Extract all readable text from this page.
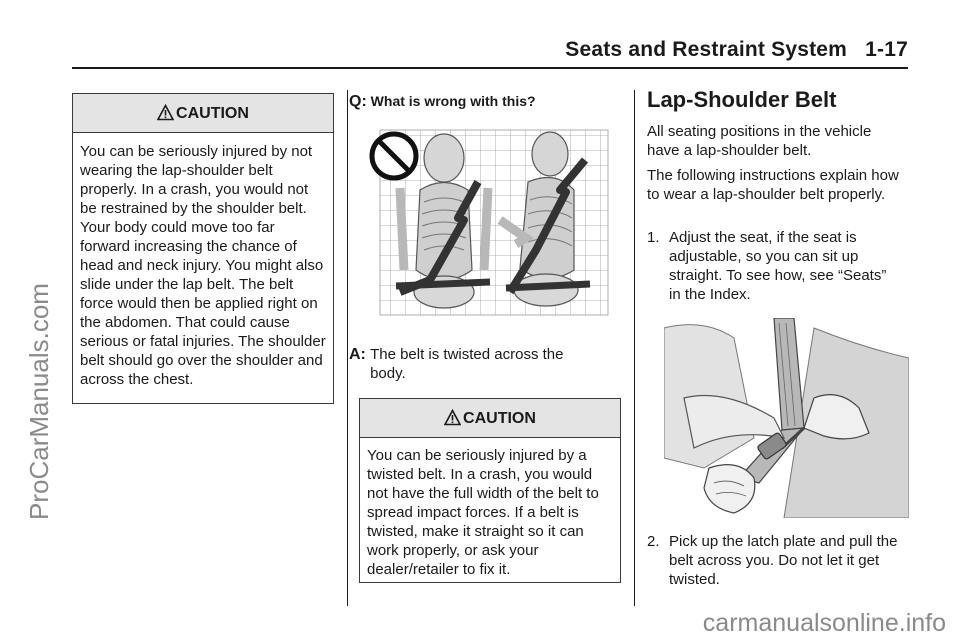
Seats and Restraint System   1-17
CAUTION
You can be seriously injured by not wearing the lap-shoulder belt properly. In a crash, you would not be restrained by the shoulder belt. Your body could move too far forward increasing the chance of head and neck injury. You might also slide under the lap belt. The belt force would then be applied right on the abdomen. That could cause serious or fatal injuries. The shoulder belt should go over the shoulder and across the chest.
Q: What is wrong with this?
A: The belt is twisted across the body.
CAUTION
You can be seriously injured by a twisted belt. In a crash, you would not have the full width of the belt to spread impact forces. If a belt is twisted, make it straight so it can work properly, or ask your dealer/retailer to fix it.
Lap-Shoulder Belt
All seating positions in the vehicle have a lap-shoulder belt.
The following instructions explain how to wear a lap-shoulder belt properly.
1. Adjust the seat, if the seat is adjustable, so you can sit up straight. To see how, see “Seats” in the Index.
2. Pick up the latch plate and pull the belt across you. Do not let it get twisted.
ProCarManuals.com
carmanualsonline.info
